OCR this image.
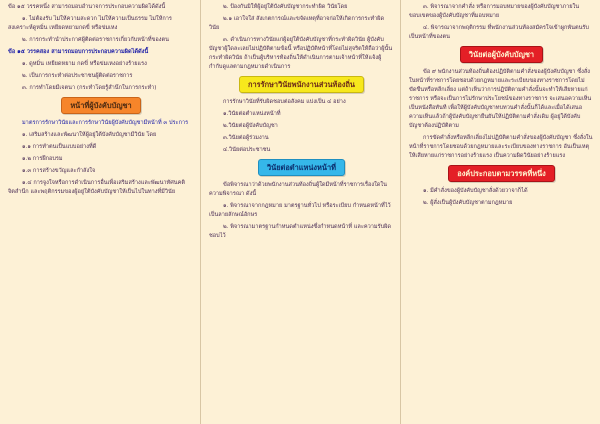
ข้อ ๑๕ วรรคหนึ่ง สามารถมอบอำนาจการประกอบความผิดได้ดังนี้

๑. ไม่ต้องรับ ไม่ให้ความสะดวก ไม่ให้ความเป็นธรรม ไม่ให้การสงเคราะห์ดูหมิ่น เหยียดหยามกดขี่ หรือข่มเหง

๒. การกระทำนำประกาศผู้ติดต่อราชการเกี่ยวกับหน้าที่ของตน

ข้อ ๑๕ วรรคสอง สามารถมอบการประกอบความผิดได้ดังนี้

๑. ดูหมิ่น เหยียดหยาม กดขี่ หรือข่มเหงอย่างร้ายแรง

๒. เป็นการกระทำต่อประชาชนผู้ติดต่อราชการ

๓. การทำโดยมีเจตนา (กระทำโดยรู้สำนึกในการกระทำ)

หน้าที่ผู้บังคับบัญชา

มาตรการรักษาวินัยและการรักษาวินัยผู้บังคับบัญชามีหน้าที่ ๓ ประการ

๑. เสริมสร้างและพัฒนาให้ผู้อยู่ใต้บังคับบัญชามีวินัย โดย

๑.๑ การทำตนเป็นแบบอย่างที่ดี

๑.๒ การฝึกอบรม

๑.๓ การสร้างขวัญและกำลังใจ

๑.๔ การจูงใจหรือการดำเนินการอื่นเพื่อเสริมสร้างและพัฒนาทัศนคติจิตสำนึก และพฤติกรรมของผู้อยู่ใต้บังคับบัญชาให้เป็นไปในทางที่มีวินัย

๒. ป้องกันมิให้ผู้อยู่ใต้บังคับบัญชากระทำผิด วินัยโดย

๒.๑ เอาใจใส่ สังเกตการณ์และขจัดเหตุที่อาจก่อให้เกิดการกระทำผิดวินัย

๓. ดำเนินการทางวินัยแก่ผู้อยู่ใต้บังคับบัญชาที่กระทำผิดวินัย ผู้บังคับบัญชาผู้ใดละเลยไม่ปฏิบัติตามข้อนี้ หรือปฏิบัติหน้าที่โดยไม่สุจริตให้ถือว่าผู้นั้นกระทำผิดวินัย ถ้าเป็นผู้บริหารท้องถิ่นให้ดำเนินการตามเจ้าหน้าที่ให้แจ้งผู้กำกับดูแลตามกฎหมายดำเนินการ

การรักษาวินัยพนักงานส่วนท้องถิ่น

การรักษาวินัยที่รับผิดชอบต่อสังคม แบ่งเป็น ๔ อย่าง

๑.วินัยต่อตำแหน่งหน้าที่

๒.วินัยต่อผู้บังคับบัญชา

๓.วินัยต่อผู้ร่วมงาน

๔.วินัยต่อประชาชน

วินัยต่อตำแหน่งหน้าที่

ข้อพิจารณาว่าด้วยพนักงานส่วนท้องถิ่นผู้ใดมีหน้าที่ราชการเรื่องใดในความพิจารณา ดังนี้

๑. พิจารณาจากกฎหมาย มาตรฐานทั่วไป หรือระเบียบ กำหนดหน้าที่ไว้เป็นลายลักษณ์อักษร

๒. พิจารณามาตรฐานกำหนดตำแหน่งซึ่งกำหนดหน้าที่ และความรับผิดชอบไว้

๓. พิจารณาจากคำสั่ง หรือการมอบหมายของผู้บังคับบัญชาภายในขอบเขตของผู้บังคับบัญชาที่มอบหมาย

๔. พิจารณาจากพฤติกรรม ที่พนักงานส่วนท้องสมัครใจเข้าผูกพันตนรับเป็นหน้าที่ของตน

วินัยต่อผู้บังคับบัญชา

ข้อ ๙ พนักงานส่วนท้องถิ่นต้องปฏิบัติตามคำสั่งของผู้บังคับบัญชา ซึ่งสั่งในหน้าที่ราชการโดยชอบด้วยกฎหมายและระเบียบของทางราชการโดยไม่ขัดขืนหรือหลีกเลี่ยง แต่ถ้าเห็นว่าการปฏิบัติตามคำสั่งนั้นจะทำให้เสียหายแก่ราชการ หรือจะเป็นการไม่รักษาประโยชน์ของทางราชการ จะเสนอความเห็นเป็นหนังสือทันที เพื่อให้ผู้บังคับบัญชาทบทวนคำสั่งนั้นก็ได้และเมื่อได้เสนอความเห็นแล้วถ้าผู้บังคับบัญชายืนยันให้ปฏิบัติตามคำสั่งเดิม ผู้อยู่ใต้บังคับบัญชาต้องปฏิบัติตาม

การขัดคำสั่งหรือหลีกเลี่ยงไม่ปฏิบัติตามคำสั่งของผู้บังคับบัญชา ซึ่งสั่งในหน้าที่ราชการโดยชอบด้วยกฎหมายและระเบียบของทางราชการ อันเป็นเหตุให้เสียหายแก่ราชการอย่างร้ายแรง เป็นความผิดวินัยอย่างร้ายแรง

องค์ประกอบตามวรรคที่หนึ่ง

๑. มีคำสั่งของผู้บังคับบัญชาสั่งด้วยวาจาก็ได้

๒. ผู้สั่งเป็นผู้บังคับบัญชาตามกฎหมาย
